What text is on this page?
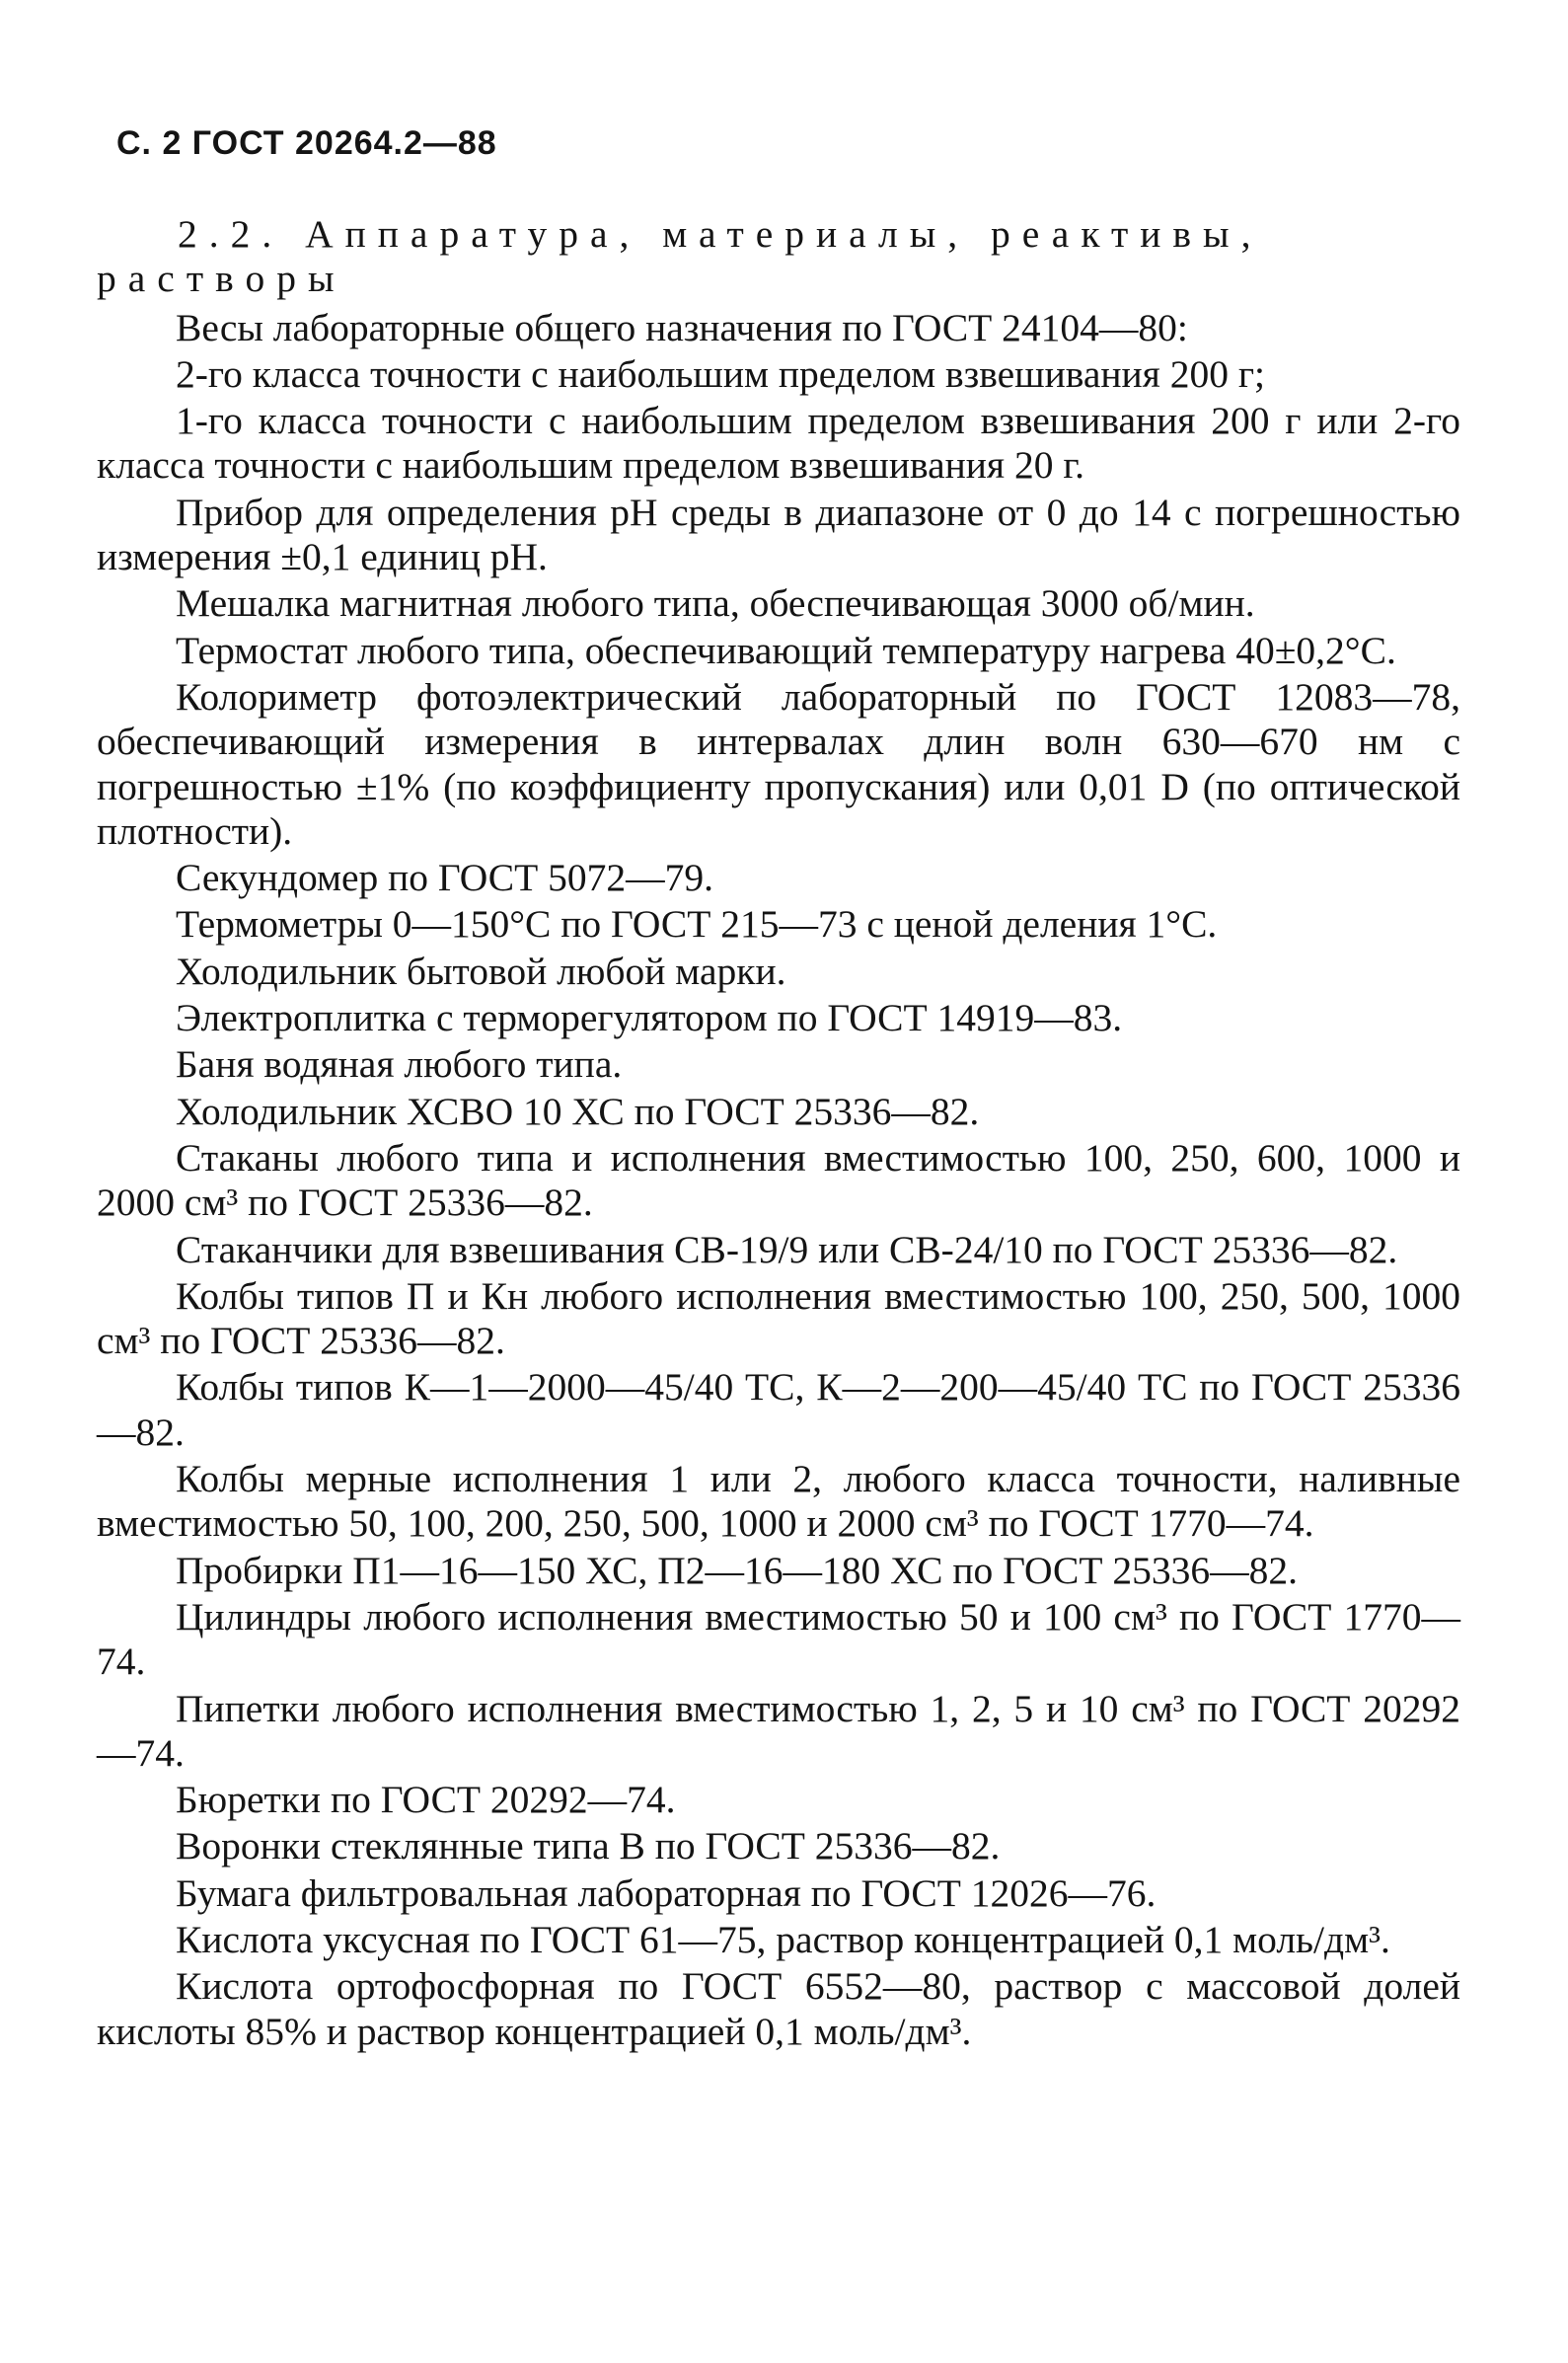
С. 2 ГОСТ 20264.2—88
2.2. Аппаратура, материалы, реактивы, растворы

Весы лабораторные общего назначения по ГОСТ 24104—80:

2-го класса точности с наибольшим пределом взвешивания 200 г;

1-го класса точности с наибольшим пределом взвешивания 200 г или 2-го класса точности с наибольшим пределом взвешивания 20 г.

Прибор для определения pH среды в диапазоне от 0 до 14 с погрешностью измерения ±0,1 единиц pH.

Мешалка магнитная любого типа, обеспечивающая 3000 об/мин.

Термостат любого типа, обеспечивающий температуру нагрева 40±0,2°С.

Колориметр фотоэлектрический лабораторный по ГОСТ 12083—78, обеспечивающий измерения в интервалах длин волн 630—670 нм с погрешностью ±1% (по коэффициенту пропускания) или 0,01 D (по оптической плотности).

Секундомер по ГОСТ 5072—79.

Термометры 0—150°С по ГОСТ 215—73 с ценой деления 1°С.

Холодильник бытовой любой марки.

Электроплитка с терморегулятором по ГОСТ 14919—83.

Баня водяная любого типа.

Холодильник ХСВО 10 ХС по ГОСТ 25336—82.

Стаканы любого типа и исполнения вместимостью 100, 250, 600, 1000 и 2000 см³ по ГОСТ 25336—82.

Стаканчики для взвешивания СВ-19/9 или СВ-24/10 по ГОСТ 25336—82.

Колбы типов П и Кн любого исполнения вместимостью 100, 250, 500, 1000 см³ по ГОСТ 25336—82.

Колбы типов К—1—2000—45/40 ТС, К—2—200—45/40 ТС по ГОСТ 25336—82.

Колбы мерные исполнения 1 или 2, любого класса точности, наливные вместимостью 50, 100, 200, 250, 500, 1000 и 2000 см³ по ГОСТ 1770—74.

Пробирки П1—16—150 ХС, П2—16—180 ХС по ГОСТ 25336—82.

Цилиндры любого исполнения вместимостью 50 и 100 см³ по ГОСТ 1770—74.

Пипетки любого исполнения вместимостью 1, 2, 5 и 10 см³ по ГОСТ 20292—74.

Бюретки по ГОСТ 20292—74.

Воронки стеклянные типа В по ГОСТ 25336—82.

Бумага фильтровальная лабораторная по ГОСТ 12026—76.

Кислота уксусная по ГОСТ 61—75, раствор концентрацией 0,1 моль/дм³.

Кислота ортофосфорная по ГОСТ 6552—80, раствор с массовой долей кислоты 85% и раствор концентрацией 0,1 моль/дм³.
